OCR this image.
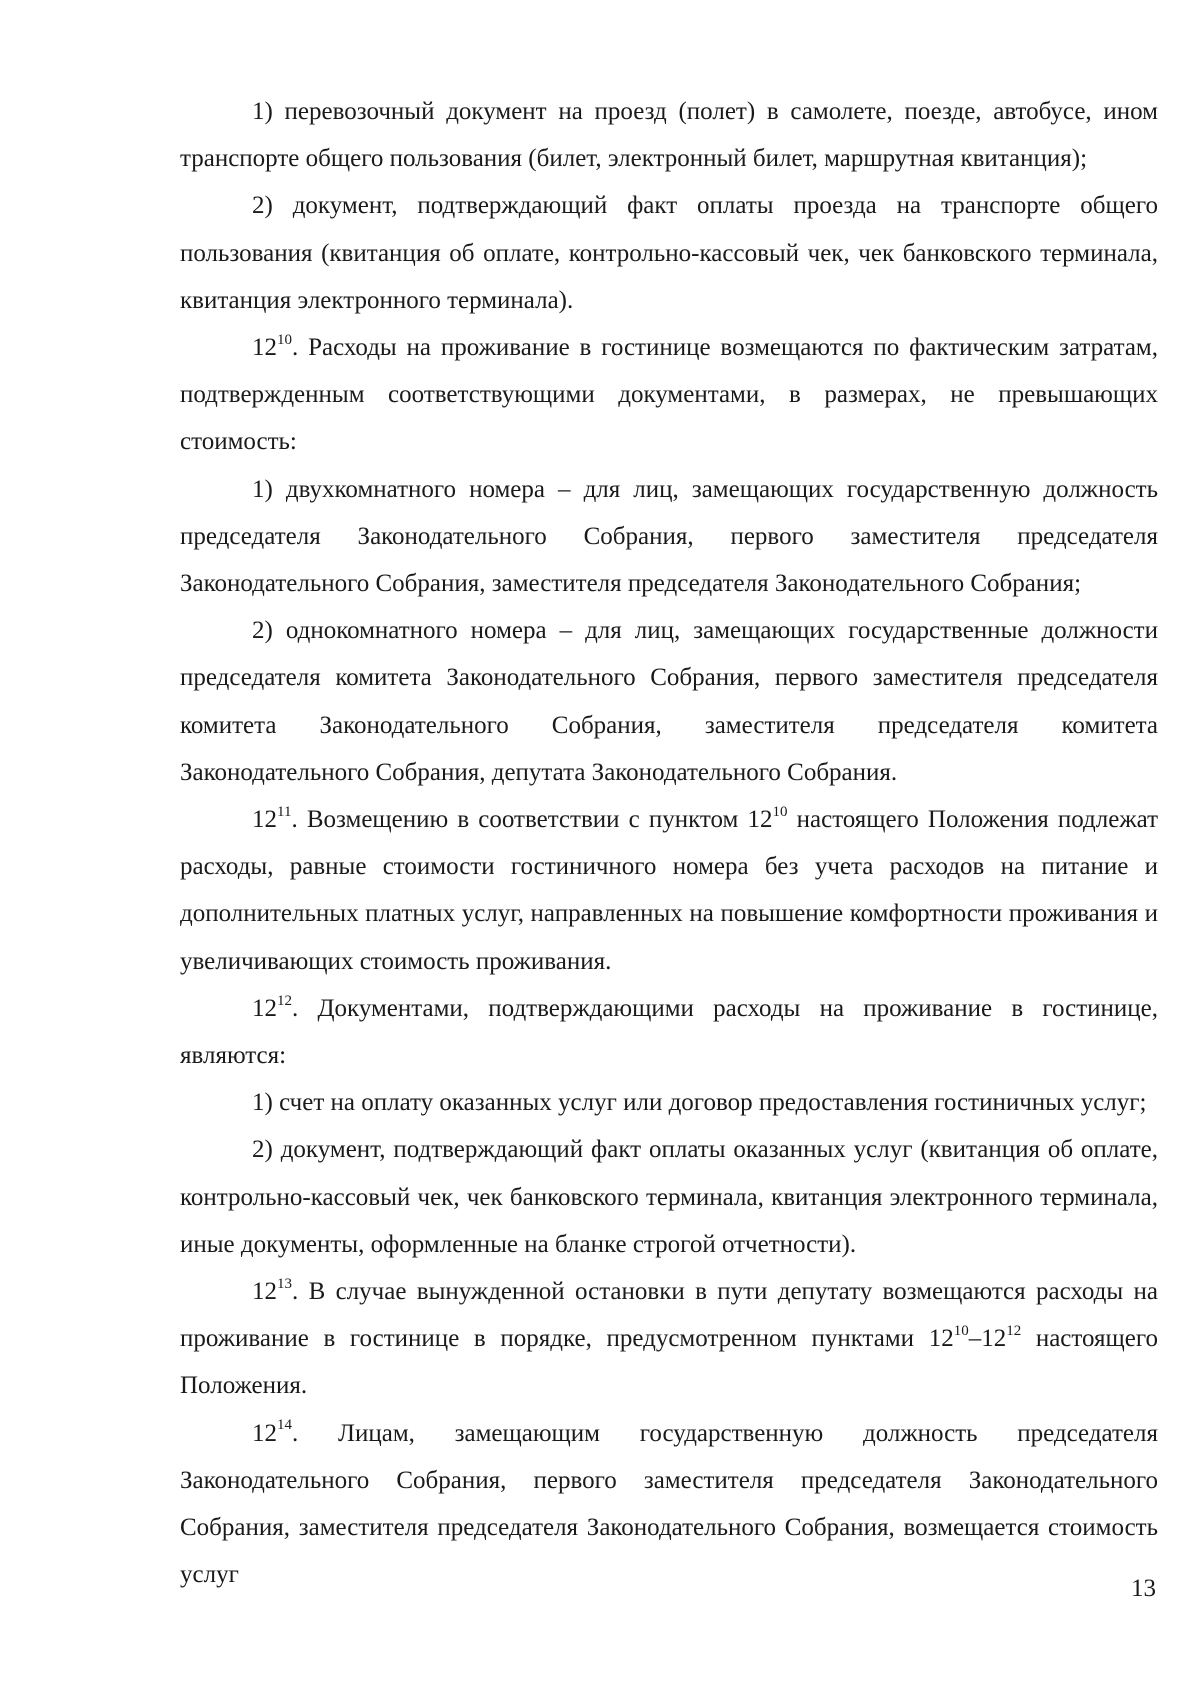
1) перевозочный документ на проезд (полет) в самолете, поезде, автобусе, ином транспорте общего пользования (билет, электронный билет, маршрутная квитанция);

2) документ, подтверждающий факт оплаты проезда на транспорте общего пользования (квитанция об оплате, контрольно-кассовый чек, чек банковского терминала, квитанция электронного терминала).

$12^{10}$. Расходы на проживание в гостинице возмещаются по фактическим затратам, подтвержденным соответствующими документами, в размерах, не превышающих стоимость:

1) двухкомнатного номера – для лиц, замещающих государственную должность председателя Законодательного Собрания, первого заместителя председателя Законодательного Собрания, заместителя председателя Законодательного Собрания;

2) однокомнатного номера – для лиц, замещающих государственные должности председателя комитета Законодательного Собрания, первого заместителя председателя комитета Законодательного Собрания, заместителя председателя комитета Законодательного Собрания, депутата Законодательного Собрания.

$12^{11}$. Возмещению в соответствии с пунктом $12^{10}$ настоящего Положения подлежат расходы, равные стоимости гостиничного номера без учета расходов на питание и дополнительных платных услуг, направленных на повышение комфортности проживания и увеличивающих стоимость проживания.

$12^{12}$. Документами, подтверждающими расходы на проживание в гостинице, являются:

1) счет на оплату оказанных услуг или договор предоставления гостиничных услуг;

2) документ, подтверждающий факт оплаты оказанных услуг (квитанция об оплате, контрольно-кассовый чек, чек банковского терминала, квитанция электронного терминала, иные документы, оформленные на бланке строгой отчетности).

$12^{13}$. В случае вынужденной остановки в пути депутату возмещаются расходы на проживание в гостинице в порядке, предусмотренном пунктами $12^{10}-12^{12}$ настоящего Положения.

$12^{14}$. Лицам, замещающим государственную должность председателя Законодательного Собрания, первого заместителя председателя Законодательного Собрания, заместителя председателя Законодательного Собрания, возмещается стоимость услуг

13
